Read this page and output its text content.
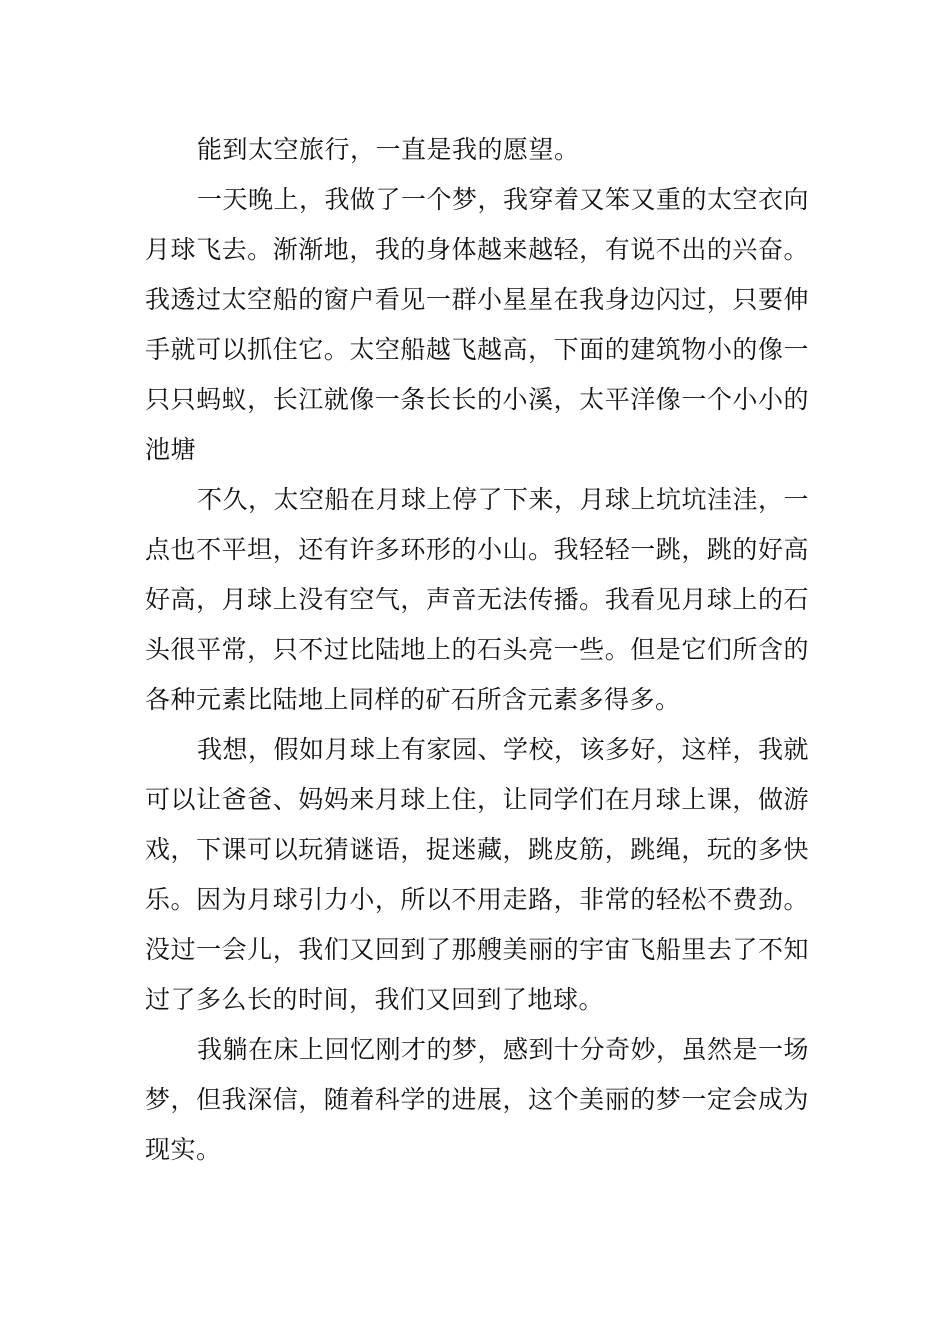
能到太空旅行，一直是我的愿望。

一天晚上，我做了一个梦，我穿着又笨又重的太空衣向月球飞去。渐渐地，我的身体越来越轻，有说不出的兴奋。我透过太空船的窗户看见一群小星星在我身边闪过，只要伸手就可以抓住它。太空船越飞越高，下面的建筑物小的像一只只蚂蚁，长江就像一条长长的小溪，太平洋像一个小小的池塘

不久，太空船在月球上停了下来，月球上坑坑洼洼，一点也不平坦，还有许多环形的小山。我轻轻一跳，跳的好高好高，月球上没有空气，声音无法传播。我看见月球上的石头很平常，只不过比陆地上的石头亮一些。但是它们所含的各种元素比陆地上同样的矿石所含元素多得多。

我想，假如月球上有家园、学校，该多好，这样，我就可以让爸爸、妈妈来月球上住，让同学们在月球上课，做游戏，下课可以玩猜谜语，捉迷藏，跳皮筋，跳绳，玩的多快乐。因为月球引力小，所以不用走路，非常的轻松不费劲。没过一会儿，我们又回到了那艘美丽的宇宙飞船里去了不知过了多么长的时间，我们又回到了地球。

我躺在床上回忆刚才的梦，感到十分奇妙，虽然是一场梦，但我深信，随着科学的进展，这个美丽的梦一定会成为现实。
